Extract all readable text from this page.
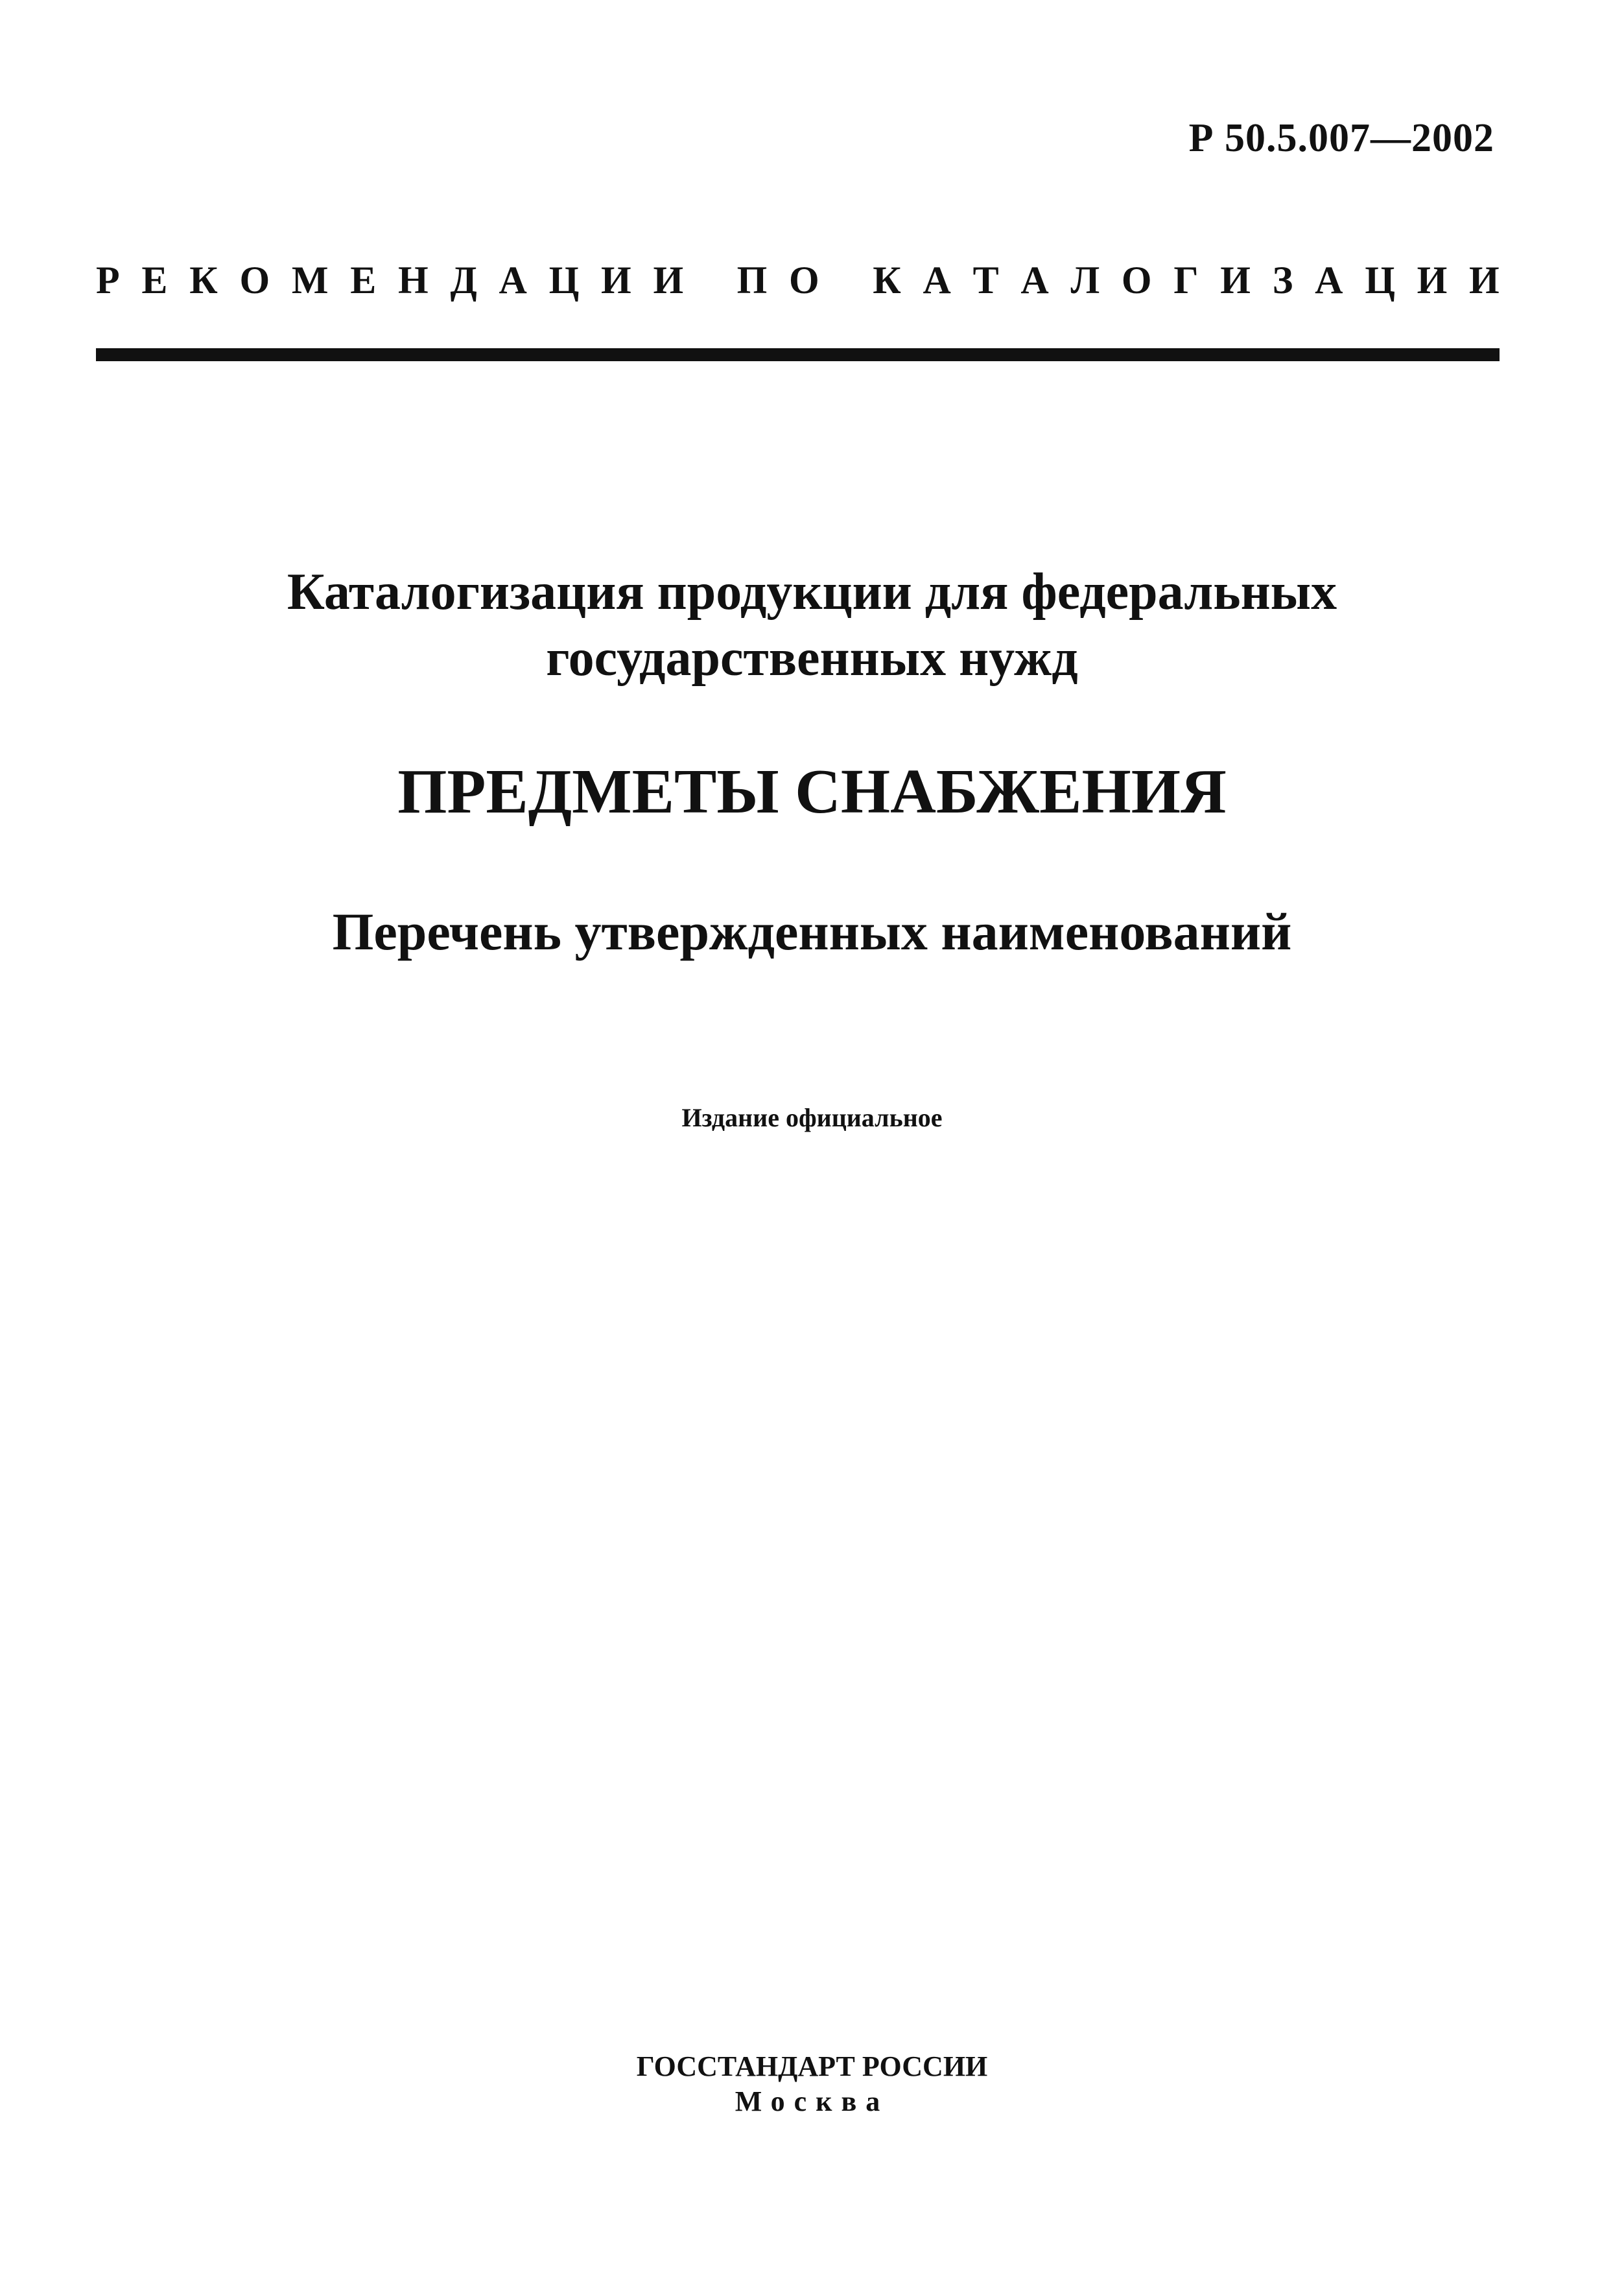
Р 50.5.007—2002
Р Е К О М Е Н Д А Ц И И
П О
К А Т А Л О Г И З А Ц И И
Каталогизация продукции для федеральных
государственных нужд
ПРЕДМЕТЫ СНАБЖЕНИЯ
Перечень утвержденных наименований
Издание официальное
ГОССТАНДАРТ РОССИИ
Москва
